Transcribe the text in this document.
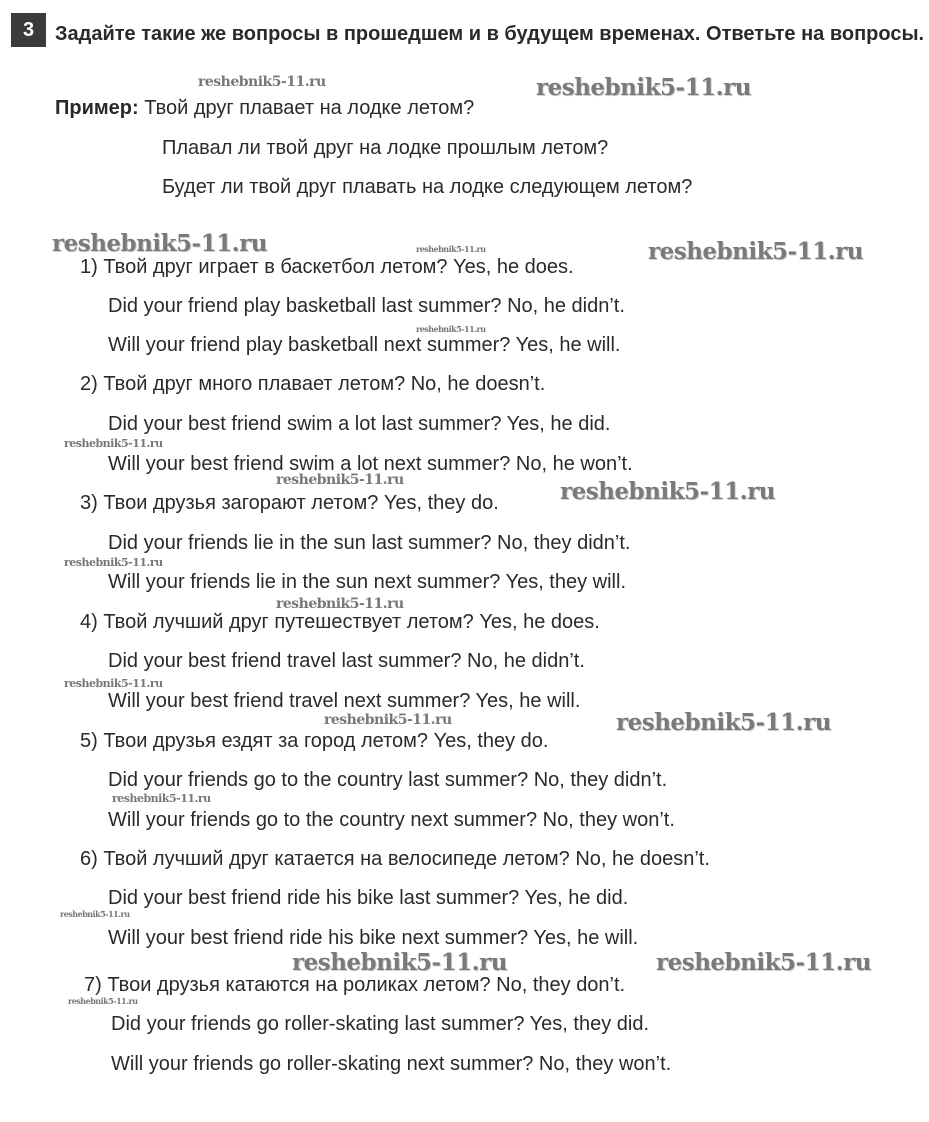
3	Задайте такие же вопросы в прошедшем и в будущем временах. Ответьте на вопросы.
Пример: Твой друг плавает на лодке летом?
Плавал ли твой друг на лодке прошлым летом?
Будет ли твой друг плавать на лодке следующем летом?
1) Твой друг играет в баскетбол летом? Yes, he does.
Did your friend play basketball last summer? No, he didn’t.
Will your friend play basketball next summer? Yes, he will.
2) Твой друг много плавает летом? No, he doesn’t.
Did your best friend swim a lot last summer? Yes, he did.
Will your best friend swim a lot next summer? No, he won’t.
3) Твои друзья загорают летом? Yes, they do.
Did your friends lie in the sun last summer? No, they didn’t.
Will your friends lie in the sun next summer? Yes, they will.
4) Твой лучший друг путешествует летом? Yes, he does.
Did your best friend travel last summer? No, he didn’t.
Will your best friend travel next summer? Yes, he will.
5) Твои друзья ездят за город летом? Yes, they do.
Did your friends go to the country last summer? No, they didn’t.
Will your friends go to the country next summer? No, they won’t.
6) Твой лучший друг катается на велосипеде летом? No, he doesn’t.
Did your best friend ride his bike last summer? Yes, he did.
Will your best friend ride his bike next summer? Yes, he will.
7) Твои друзья катаются на роликах летом? No, they don’t.
Did your friends go roller-skating last summer? Yes, they did.
Will your friends go roller-skating next summer? No, they won’t.
reshebnik5-11.ru	reshebnik5-11.ru
reshebnik5-11.ru	reshebnik5-11.ru	reshebnik5-11.ru
reshebnik5-11.ru
reshebnik5-11.ru
reshebnik5-11.ru	reshebnik5-11.ru
reshebnik5-11.ru
reshebnik5-11.ru
reshebnik5-11.ru
reshebnik5-11.ru	reshebnik5-11.ru
reshebnik5-11.ru
reshebnik5-11.ru
reshebnik5-11.ru	reshebnik5-11.ru
reshebnik5-11.ru
